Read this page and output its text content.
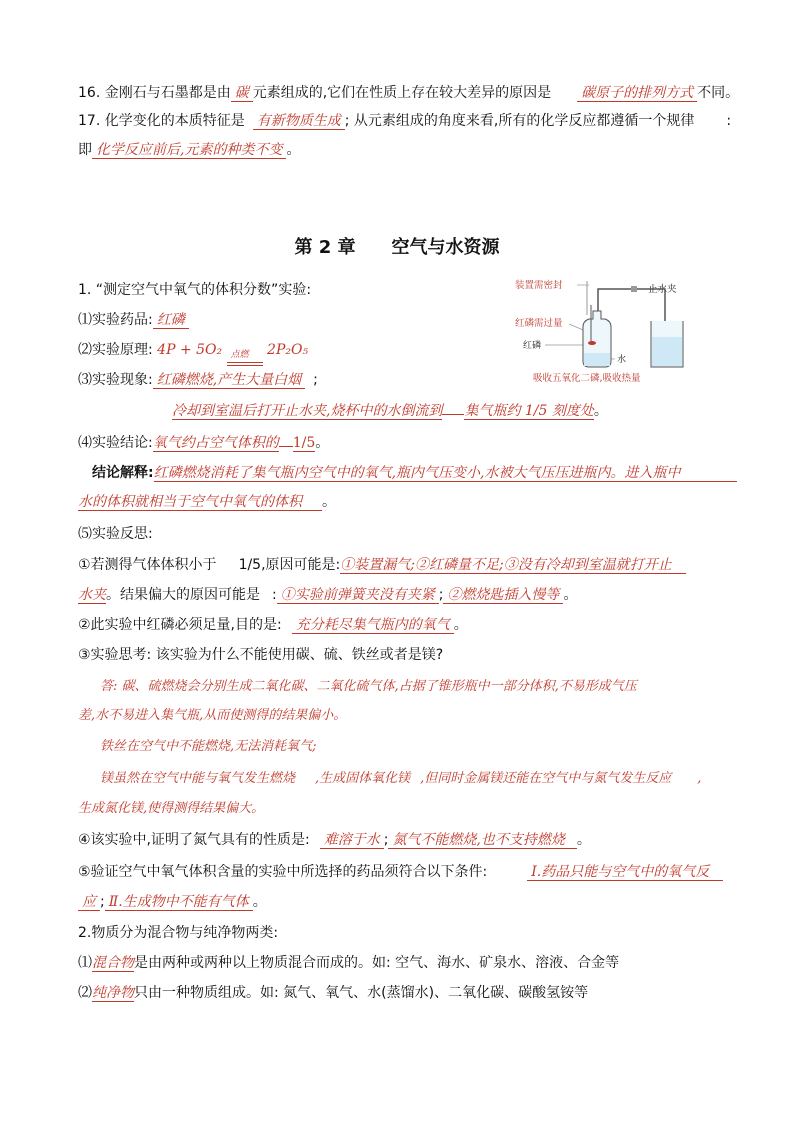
16. 金刚石与石墨都是由 碳 元素组成的,它们在性质上存在较大差异的原因是 碳原子的排列方式 不同。
17. 化学变化的本质特征是 有新物质生成 ; 从元素组成的角度来看,所有的化学反应都遵循一个规律 :
即 化学反应前后,元素的种类不变 。
第 2 章 空气与水资源
1. “测定空气中氧气的体积分数”实验:
⑴实验药品: 红磷
⑵实验原理: 4P + 5O₂ 点燃 2P₂O₅
⑶实验现象: 红磷燃烧,产生大量白烟 ;
冷却到室温后打开止水夹,烧杯中的水倒流到 集气瓶约 1/5 刻度处。
⑷实验结论:氧气约占空气体积的 1/5。
结论解释:红磷燃烧消耗了集气瓶内空气中的氧气,瓶内气压变小,水被大气压压进瓶内。进入瓶中
水的体积就相当于空气中氧气的体积 。
⑸实验反思:
①若测得气体体积小于 1/5,原因可能是:①装置漏气;②红磷量不足;③没有冷却到室温就打开止
水夹。结果偏大的原因可能是 : ①实验前弹簧夹没有夹紧 ; ②燃烧匙插入慢等 。
②此实验中红磷必须足量,目的是: 充分耗尽集气瓶内的氧气 。
③实验思考: 该实验为什么不能使用碳、硫、铁丝或者是镁?
答: 碳、硫燃烧会分别生成二氧化碳、二氧化硫气体,占据了锥形瓶中一部分体积,不易形成气压
差,水不易进入集气瓶,从而使测得的结果偏小。
铁丝在空气中不能燃烧,无法消耗氧气;
镁虽然在空气中能与氧气发生燃烧 ,生成固体氧化镁 ,但同时金属镁还能在空气中与氮气发生反应 ,
生成氮化镁,使得测得结果偏大。
④该实验中,证明了氮气具有的性质是: 难溶于水 ; 氮气不能燃烧,也不支持燃烧 。
⑤验证空气中氧气体积含量的实验中所选择的药品须符合以下条件:	Ⅰ.药品只能与空气中的氧气反
应 ; Ⅱ.生成物中不能有气体 。
2.物质分为混合物与纯净物两类:
⑴混合物是由两种或两种以上物质混合而成的。如: 空气、海水、矿泉水、溶液、合金等
⑵纯净物只由一种物质组成。如: 氮气、氧气、水(蒸馏水)、二氧化碳、碳酸氢铵等
装置需密封	止水夹
红磷需过量
红磷
水
吸收五氧化二磷,吸收热量
